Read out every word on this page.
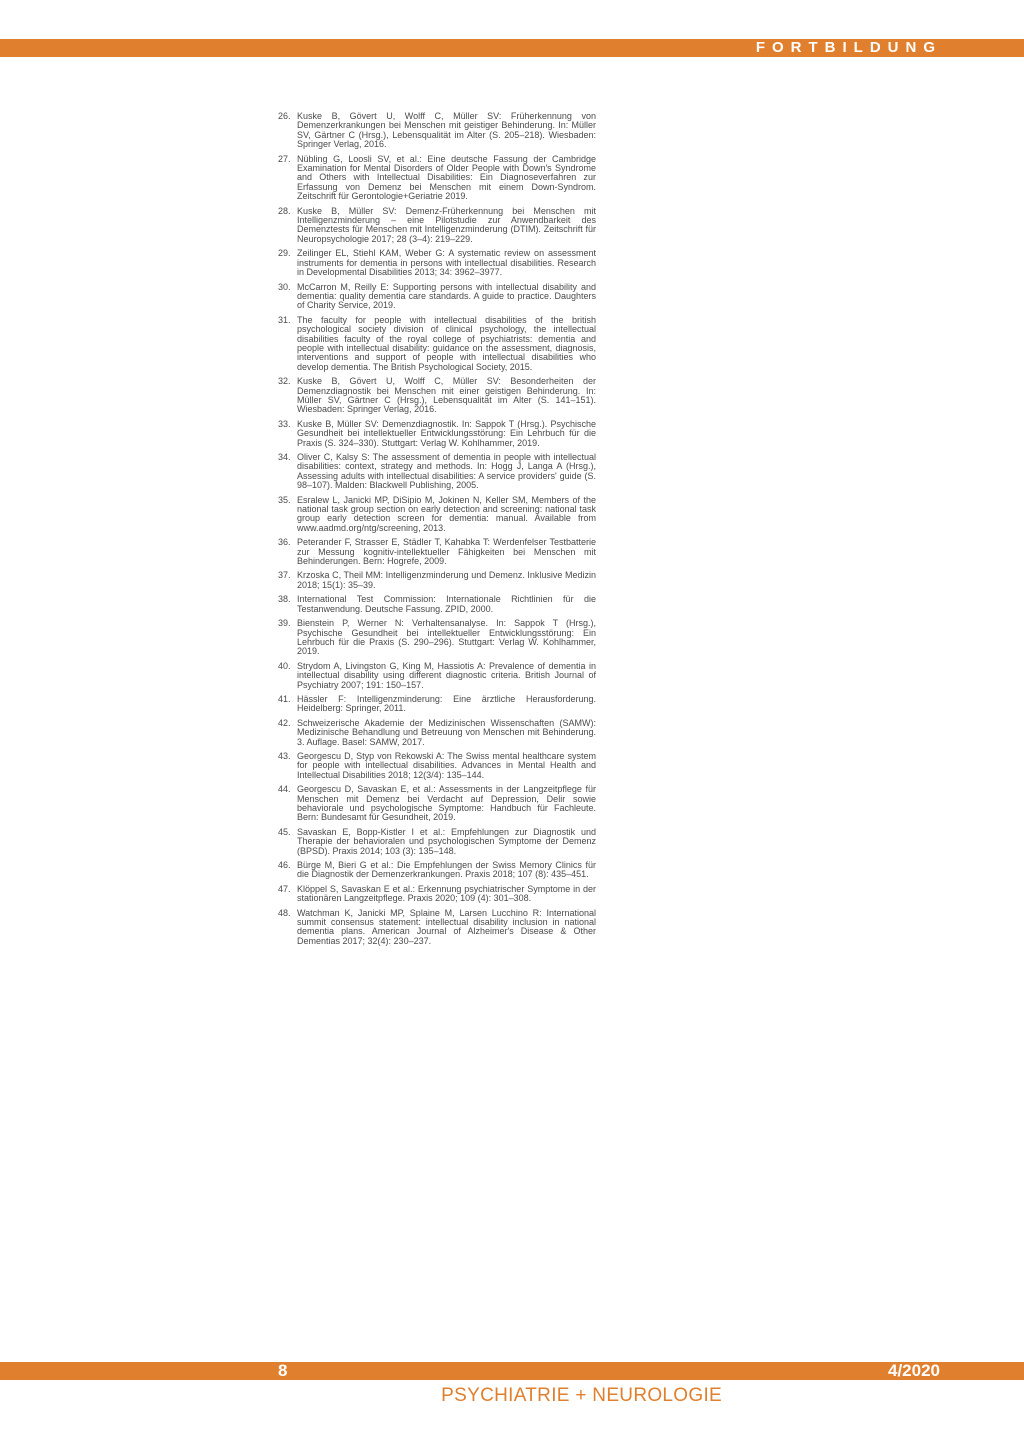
FORTBILDUNG
26. Kuske B, Gövert U, Wolff C, Müller SV: Früherkennung von Demenzerkrankungen bei Menschen mit geistiger Behinderung. In: Müller SV, Gärtner C (Hrsg.), Lebensqualität im Alter (S. 205–218). Wiesbaden: Springer Verlag, 2016.
27. Nübling G, Loosli SV, et al.: Eine deutsche Fassung der Cambridge Examination for Mental Disorders of Older People with Down's Syndrome and Others with Intellectual Disabilities: Ein Diagnoseverfahren zur Erfassung von Demenz bei Menschen mit einem Down-Syndrom. Zeitschrift für Gerontologie+Geriatrie 2019.
28. Kuske B, Müller SV: Demenz-Früherkennung bei Menschen mit Intelligenzminderung – eine Pilotstudie zur Anwendbarkeit des Demenztests für Menschen mit Intelligenzminderung (DTIM). Zeitschrift für Neuropsychologie 2017; 28 (3–4): 219–229.
29. Zeilinger EL, Stiehl KAM, Weber G: A systematic review on assessment instruments for dementia in persons with intellectual disabilities. Research in Developmental Disabilities 2013; 34: 3962–3977.
30. McCarron M, Reilly E: Supporting persons with intellectual disability and dementia: quality dementia care standards. A guide to practice. Daughters of Charity Service, 2019.
31. The faculty for people with intellectual disabilities of the british psychological society division of clinical psychology, the intellectual disabilities faculty of the royal college of psychiatrists: dementia and people with intellectual disability: guidance on the assessment, diagnosis, interventions and support of people with intellectual disabilities who develop dementia. The British Psychological Society, 2015.
32. Kuske B, Gövert U, Wolff C, Müller SV: Besonderheiten der Demenzdiagnostik bei Menschen mit einer geistigen Behinderung. In: Müller SV, Gärtner C (Hrsg.), Lebensqualität im Alter (S. 141–151). Wiesbaden: Springer Verlag, 2016.
33. Kuske B, Müller SV: Demenzdiagnostik. In: Sappok T (Hrsg.). Psychische Gesundheit bei intellektueller Entwicklungsstörung: Ein Lehrbuch für die Praxis (S. 324–330). Stuttgart: Verlag W. Kohlhammer, 2019.
34. Oliver C, Kalsy S: The assessment of dementia in people with intellectual disabilities: context, strategy and methods. In: Hogg J, Langa A (Hrsg.), Assessing adults with intellectual disabilities: A service providers' guide (S. 98–107). Malden: Blackwell Publishing, 2005.
35. Esralew L, Janicki MP, DiSipio M, Jokinen N, Keller SM, Members of the national task group section on early detection and screening: national task group early detection screen for dementia: manual. Available from www.aadmd.org/ntg/screening, 2013.
36. Peterander F, Strasser E, Städler T, Kahabka T: Werdenfelser Testbatterie zur Messung kognitiv-intellektueller Fähigkeiten bei Menschen mit Behinderungen. Bern: Hogrefe, 2009.
37. Krzoska C, Theil MM: Intelligenzminderung und Demenz. Inklusive Medizin 2018; 15(1): 35–39.
38. International Test Commission: Internationale Richtlinien für die Testanwendung. Deutsche Fassung. ZPID, 2000.
39. Bienstein P, Werner N: Verhaltensanalyse. In: Sappok T (Hrsg.), Psychische Gesundheit bei intellektueller Entwicklungsstörung: Ein Lehrbuch für die Praxis (S. 290–296). Stuttgart: Verlag W. Kohlhammer, 2019.
40. Strydom A, Livingston G, King M, Hassiotis A: Prevalence of dementia in intellectual disability using different diagnostic criteria. British Journal of Psychiatry 2007; 191: 150–157.
41. Hässler F: Intelligenzminderung: Eine ärztliche Herausforderung. Heidelberg: Springer, 2011.
42. Schweizerische Akademie der Medizinischen Wissenschaften (SAMW): Medizinische Behandlung und Betreuung von Menschen mit Behinderung. 3. Auflage. Basel: SAMW, 2017.
43. Georgescu D, Styp von Rekowski A: The Swiss mental healthcare system for people with intellectual disabilities. Advances in Mental Health and Intellectual Disabilities 2018; 12(3/4): 135–144.
44. Georgescu D, Savaskan E, et al.: Assessments in der Langzeitpflege für Menschen mit Demenz bei Verdacht auf Depression, Delir sowie behaviorale und psychologische Symptome: Handbuch für Fachleute. Bern: Bundesamt für Gesundheit, 2019.
45. Savaskan E, Bopp-Kistler I et al.: Empfehlungen zur Diagnostik und Therapie der behavioralen und psychologischen Symptome der Demenz (BPSD). Praxis 2014; 103 (3): 135–148.
46. Bürge M, Bieri G et al.: Die Empfehlungen der Swiss Memory Clinics für die Diagnostik der Demenzerkrankungen. Praxis 2018; 107 (8): 435–451.
47. Klöppel S, Savaskan E et al.: Erkennung psychiatrischer Symptome in der stationären Langzeitpflege. Praxis 2020; 109 (4): 301–308.
48. Watchman K, Janicki MP, Splaine M, Larsen Lucchino R: International summit consensus statement: intellectual disability inclusion in national dementia plans. American Journal of Alzheimer's Disease & Other Dementias 2017; 32(4): 230–237.
8	4/2020
PSYCHIATRIE + NEUROLOGIE
